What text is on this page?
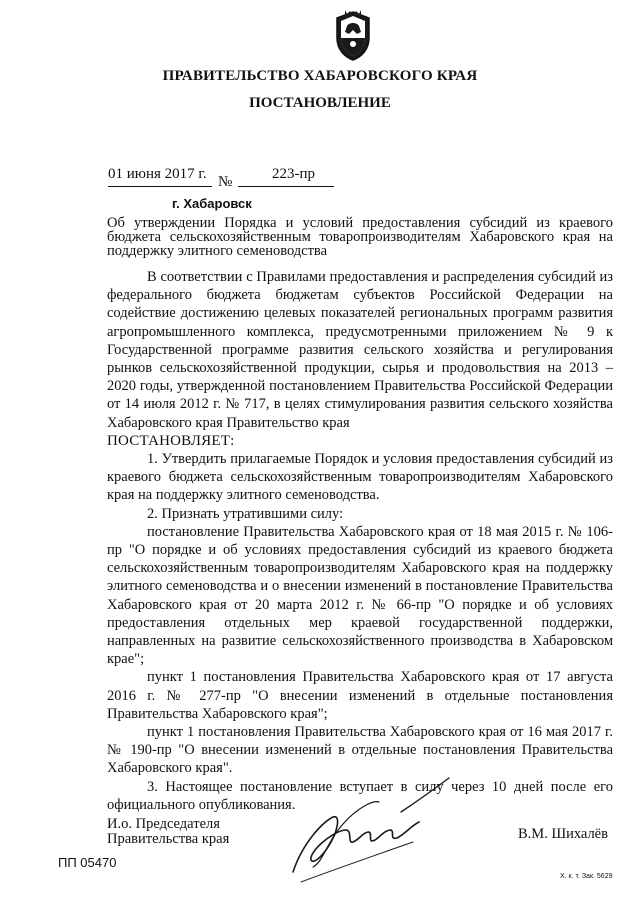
ПРАВИТЕЛЬСТВО ХАБАРОВСКОГО КРАЯ
ПОСТАНОВЛЕНИЕ
01 июня 2017 г. №	223-пр
г. Хабаровск
Об утверждении Порядка и условий предоставления субсидий из краевого бюджета сельскохозяйственным товаропроизводителям Хабаровского края на поддержку элитного семеноводства

В соответствии с Правилами предоставления и распределения субсидий из федерального бюджета бюджетам субъектов Российской Федерации на содействие достижению целевых показателей региональных программ развития агропромышленного комплекса, предусмотренными приложением № 9 к Государственной программе развития сельского хозяйства и регулирования рынков сельскохозяйственной продукции, сырья и продовольствия на 2013 – 2020 годы, утвержденной постановлением Правительства Российской Федерации от 14 июля 2012 г. № 717, в целях стимулирования развития сельского хозяйства Хабаровского края Правительство края

ПОСТАНОВЛЯЕТ:

1. Утвердить прилагаемые Порядок и условия предоставления субсидий из краевого бюджета сельскохозяйственным товаропроизводителям Хабаровского края на поддержку элитного семеноводства.

2. Признать утратившими силу:

постановление Правительства Хабаровского края от 18 мая 2015 г. № 106-пр "О порядке и об условиях предоставления субсидий из краевого бюджета сельскохозяйственным товаропроизводителям Хабаровского края на поддержку элитного семеноводства и о внесении изменений в постановление Правительства Хабаровского края от 20 марта 2012 г. № 66-пр "О порядке и об условиях предоставления отдельных мер краевой государственной поддержки, направленных на развитие сельскохозяйственного производства в Хабаровском крае";

пункт 1 постановления Правительства Хабаровского края от 17 августа 2016 г. № 277-пр "О внесении изменений в отдельные постановления Правительства Хабаровского края";

пункт 1 постановления Правительства Хабаровского края от 16 мая 2017 г. № 190-пр "О внесении изменений в отдельные постановления Правительства Хабаровского края".

3. Настоящее постановление вступает в силу через 10 дней после его официального опубликования.

И.о. Председателя
Правительства края	В.М. Шихалёв
ПП 05470
Х. к. т. Зак. 5629
